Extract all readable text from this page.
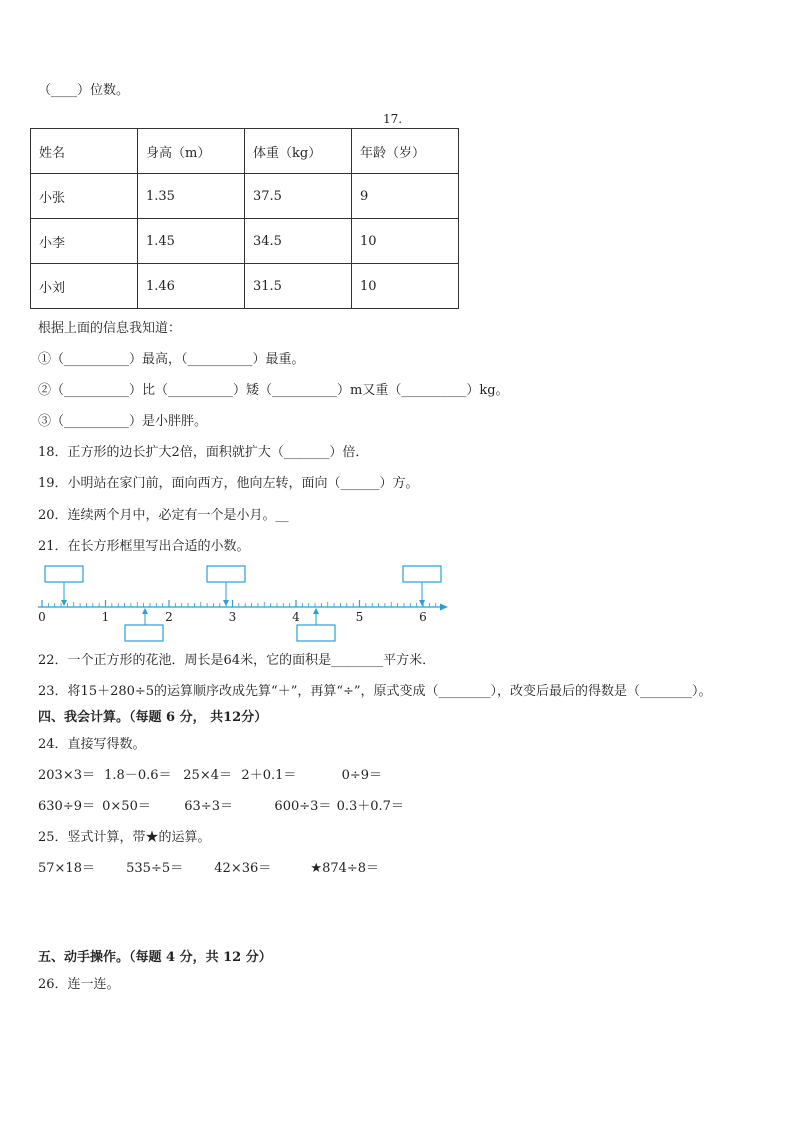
（____）位数。
17.
姓名	身高（m）	体重（kg）	年龄（岁）
小张	1.35	37.5	9
小李	1.45	34.5	10
小刘	1.46	31.5	10
根据上面的信息我知道：
①（__________）最高，（__________）最重。
②（__________）比（__________）矮（__________）m又重（__________）kg。
③（__________）是小胖胖。
18．正方形的边长扩大2倍，面积就扩大（_______）倍．
19．小明站在家门前，面向西方，他向左转，面向（______）方。
20．连续两个月中，必定有一个是小月。__
21．在长方形框里写出合适的小数。
0	1	2	3	4	5	6
22．一个正方形的花池．周长是64米，它的面积是________平方米．
23．将15＋280÷5的运算顺序改成先算“＋”，再算“÷”，原式变成（________），改变后最后的得数是（________）。
四、我会计算。（每题 6 分， 共12分）
24．直接写得数。
203×3＝ 1.8－0.6＝ 25×4＝ 2＋0.1＝	0÷9＝
630÷9＝ 0×50＝	63÷3＝	600÷3＝ 0.3＋0.7＝
25．竖式计算，带★的运算。
57×18＝ 535÷5＝ 42×36＝	★874÷8＝
五、动手操作。（每题 4 分，共 12 分）
26．连一连。
